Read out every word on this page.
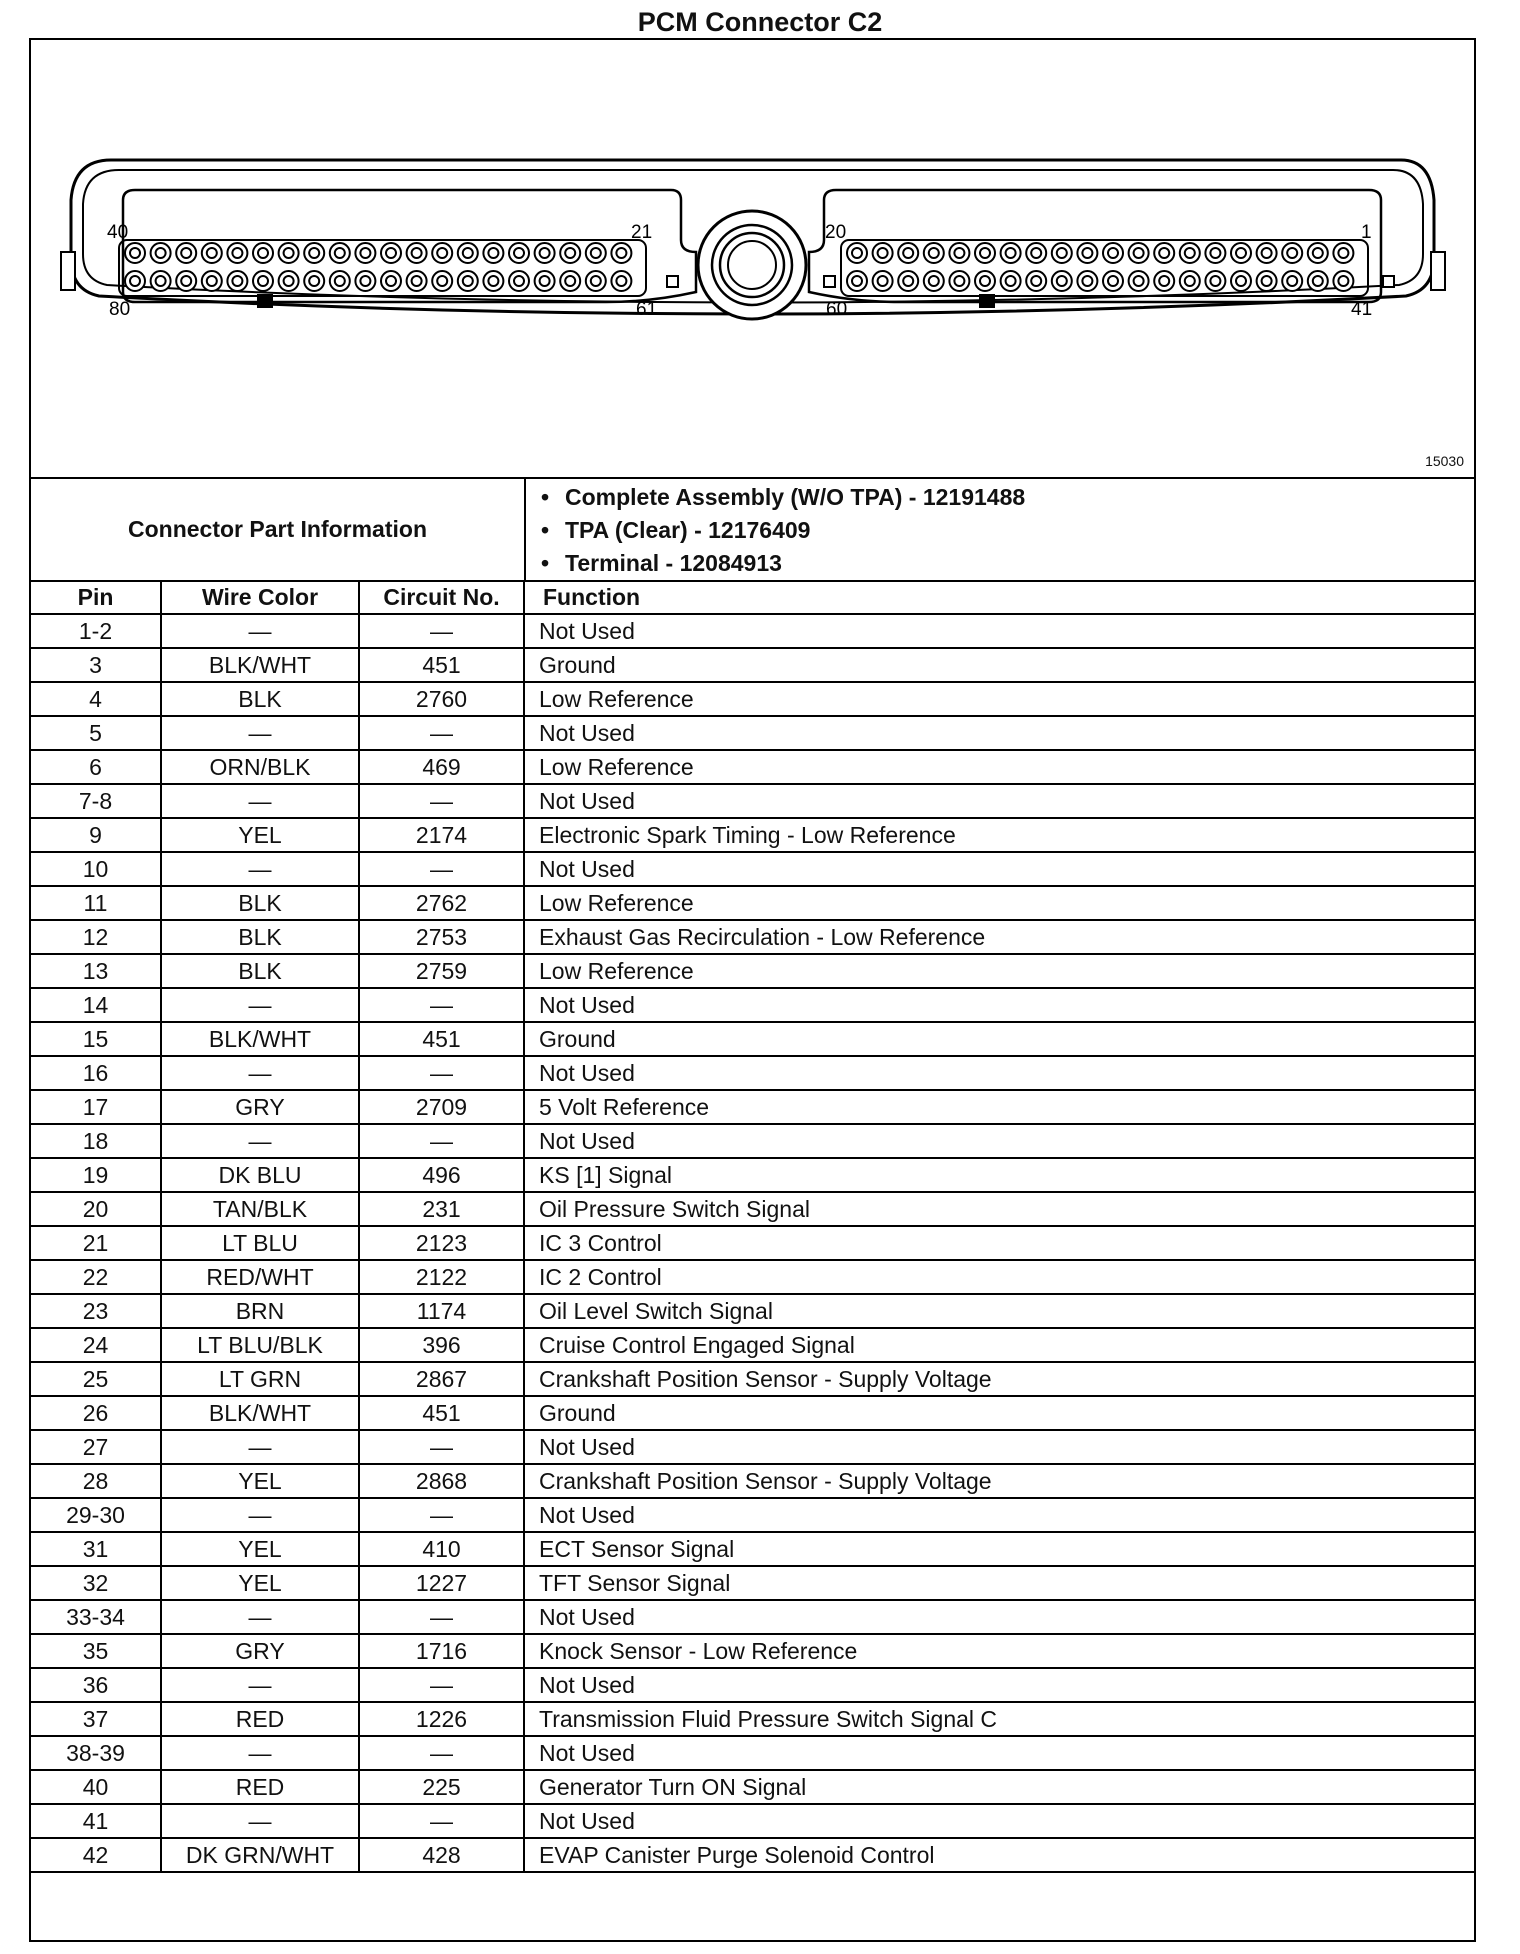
PCM Connector C2
40	21
80	61
20	1
60	41
15030
Connector Part Information
• Complete Assembly (W/O TPA) - 12191488
• TPA (Clear) - 12176409
• Terminal - 12084913
Pin	Wire Color	Circuit No.	Function
1-2	—	—	Not Used
3	BLK/WHT	451	Ground
4	BLK	2760	Low Reference
5	—	—	Not Used
6	ORN/BLK	469	Low Reference
7-8	—	—	Not Used
9	YEL	2174	Electronic Spark Timing - Low Reference
10	—	—	Not Used
11	BLK	2762	Low Reference
12	BLK	2753	Exhaust Gas Recirculation - Low Reference
13	BLK	2759	Low Reference
14	—	—	Not Used
15	BLK/WHT	451	Ground
16	—	—	Not Used
17	GRY	2709	5 Volt Reference
18	—	—	Not Used
19	DK BLU	496	KS [1] Signal
20	TAN/BLK	231	Oil Pressure Switch Signal
21	LT BLU	2123	IC 3 Control
22	RED/WHT	2122	IC 2 Control
23	BRN	1174	Oil Level Switch Signal
24	LT BLU/BLK	396	Cruise Control Engaged Signal
25	LT GRN	2867	Crankshaft Position Sensor - Supply Voltage
26	BLK/WHT	451	Ground
27	—	—	Not Used
28	YEL	2868	Crankshaft Position Sensor - Supply Voltage
29-30	—	—	Not Used
31	YEL	410	ECT Sensor Signal
32	YEL	1227	TFT Sensor Signal
33-34	—	—	Not Used
35	GRY	1716	Knock Sensor - Low Reference
36	—	—	Not Used
37	RED	1226	Transmission Fluid Pressure Switch Signal C
38-39	—	—	Not Used
40	RED	225	Generator Turn ON Signal
41	—	—	Not Used
42	DK GRN/WHT	428	EVAP Canister Purge Solenoid Control
